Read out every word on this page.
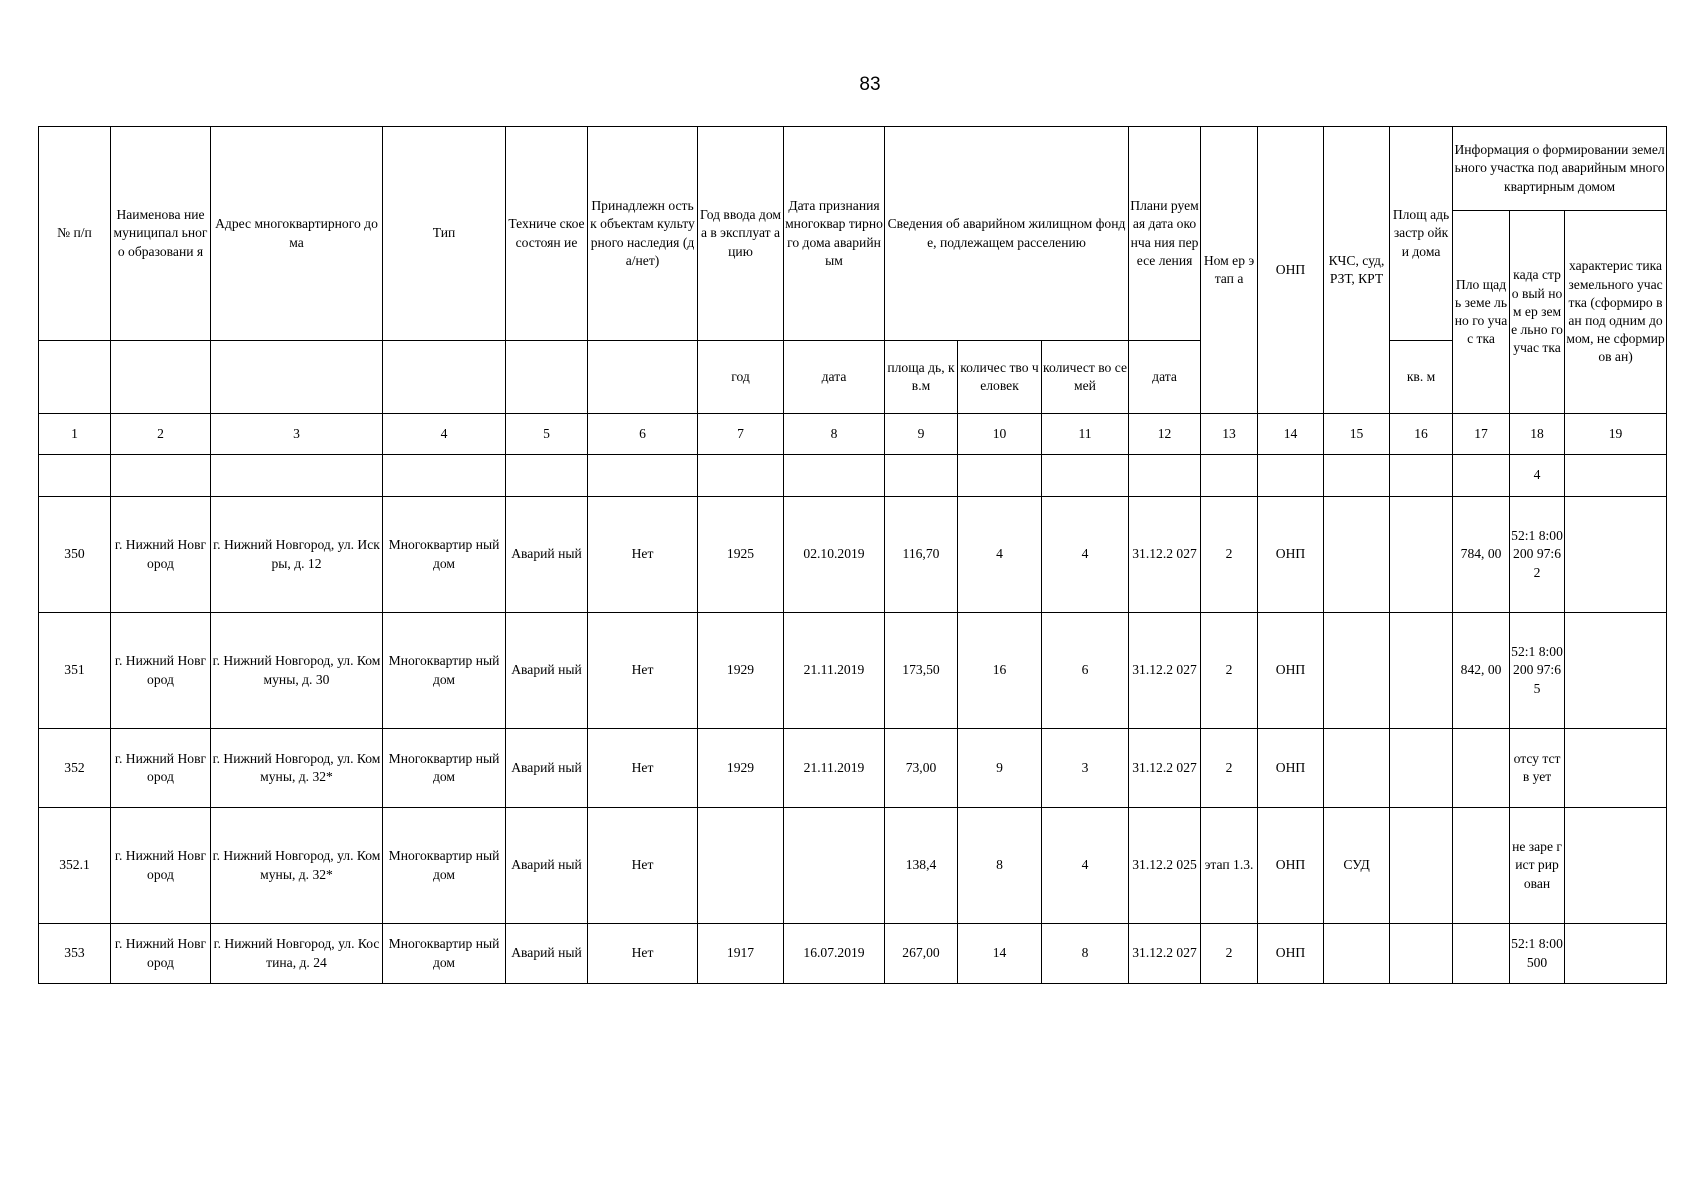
83
№ п/п	Наименова ние муниципал ьного образовани я	Адрес многоквартирного дома	Тип	Техниче ское состоян ие	Принадлежн ость к объектам культурного наследия (да/нет)	Год ввода дома в эксплуат ацию	Дата признания многоквар тирного дома аварийным	Сведения об аварийном жилищном фонде, подлежащем расселению			Плани руемая дата оконча ния пересе ления	Ном ер этап а	ОНП	КЧС, суд, РЗТ, КРТ	Площ адь застр ойки дома	Информация о формировании земельного участка под аварийным многоквартирным домом		
																Пло щадь земе льно го учас тка	када стро вый ном ер земе льно го учас тка	характерис тика земельного участка (сформиро ван под одним домом, не сформиров ан)
						год	дата	площа дь, кв.м	количес тво человек	количест во семей	дата				кв. м			
1	2	3	4	5	6	7	8	9	10	11	12	13	14	15	16	17	18	19
																	4	
350	г. Нижний Новгород	г. Нижний Новгород, ул. Искры, д. 12	Многоквартир ный дом	Аварий ный	Нет	1925	02.10.2019	116,70	4	4	31.12.2 027	2	ОНП			784, 00	52:1 8:00 200 97:6 2	
351	г. Нижний Новгород	г. Нижний Новгород, ул. Коммуны, д. 30	Многоквартир ный дом	Аварий ный	Нет	1929	21.11.2019	173,50	16	6	31.12.2 027	2	ОНП			842, 00	52:1 8:00 200 97:6 5	
352	г. Нижний Новгород	г. Нижний Новгород, ул. Коммуны, д. 32*	Многоквартир ный дом	Аварий ный	Нет	1929	21.11.2019	73,00	9	3	31.12.2 027	2	ОНП				отсу тств ует	
352.1	г. Нижний Новгород	г. Нижний Новгород, ул. Коммуны, д. 32*	Многоквартир ный дом	Аварий ный	Нет			138,4	8	4	31.12.2 025	этап 1.3.	ОНП	СУД			не заре гист рир ован	
353	г. Нижний Новгород	г. Нижний Новгород, ул. Костина, д. 24	Многоквартир ный дом	Аварий ный	Нет	1917	16.07.2019	267,00	14	8	31.12.2 027	2	ОНП				52:1 8:00 500	
